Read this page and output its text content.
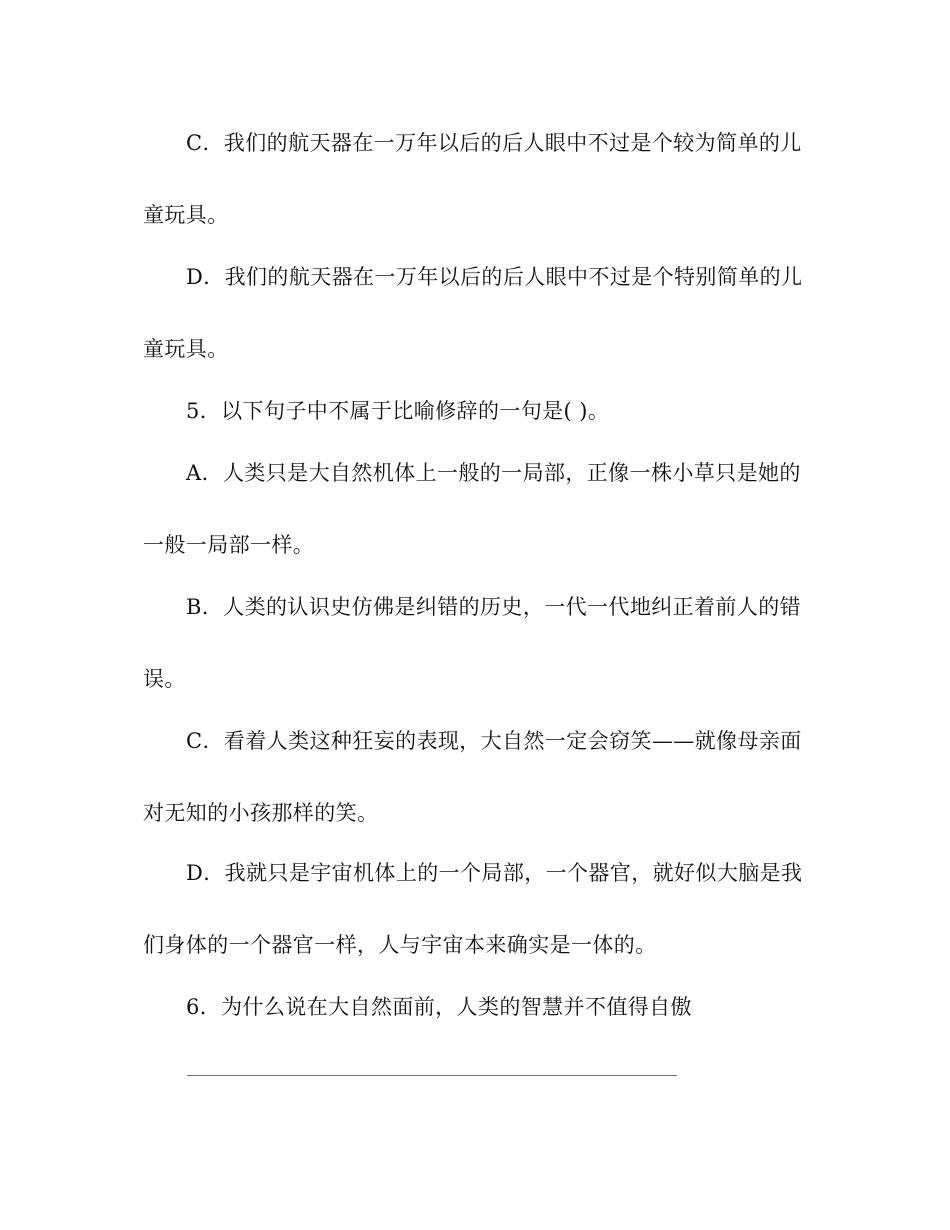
C．我们的航天器在一万年以后的后人眼中不过是个较为简单的儿
童玩具。
D．我们的航天器在一万年以后的后人眼中不过是个特别简单的儿
童玩具。
5．以下句子中不属于比喻修辞的一句是( )。
A．人类只是大自然机体上一般的一局部，正像一株小草只是她的
一般一局部一样。
B．人类的认识史仿佛是纠错的历史，一代一代地纠正着前人的错
误。
C．看着人类这种狂妄的表现，大自然一定会窃笑——就像母亲面
对无知的小孩那样的笑。
D．我就只是宇宙机体上的一个局部，一个器官，就好似大脑是我
们身体的一个器官一样，人与宇宙本来确实是一体的。
6．为什么说在大自然面前，人类的智慧并不值得自傲
